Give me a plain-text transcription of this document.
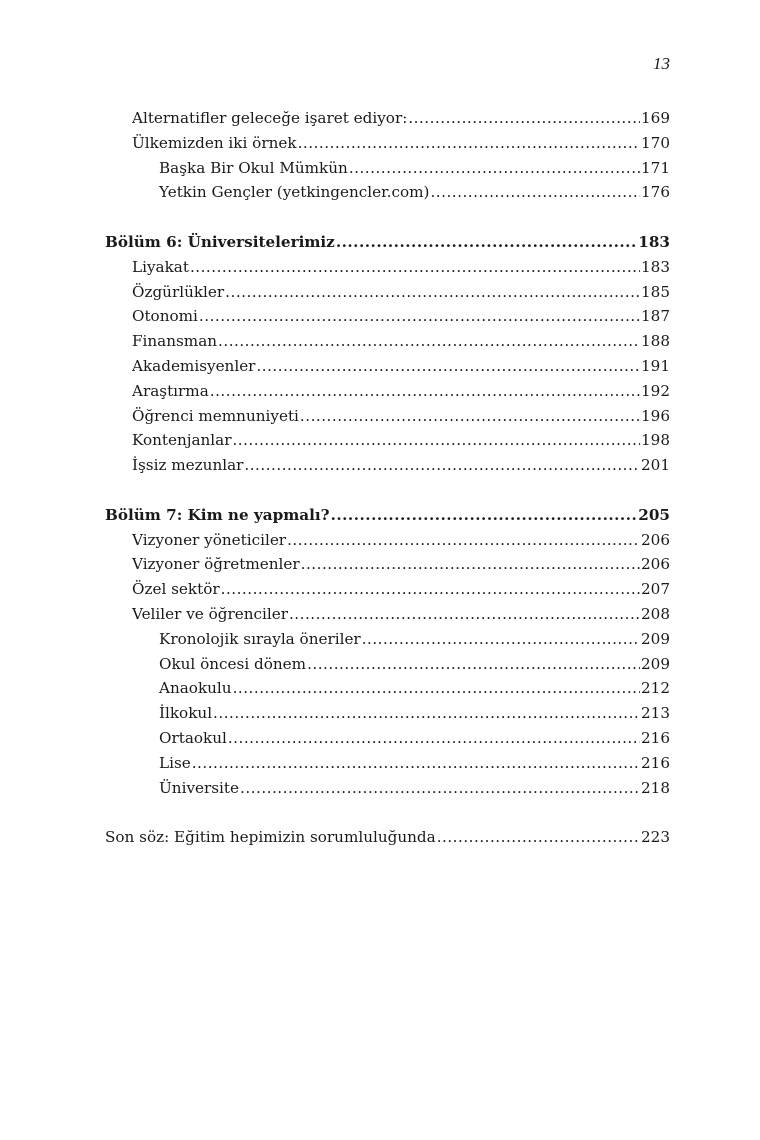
13
Alternatifler geleceğe işaret ediyor: .....	169
Ülkemizden iki örnek .....	170
Başka Bir Okul Mümkün .....	171
Yetkin Gençler (yetkingencler.com) .....	176
Bölüm 6: Üniversitelerimiz .....	183
Liyakat .....	183
Özgürlükler .....	185
Otonomi .....	187
Finansman .....	188
Akademisyenler .....	191
Araştırma .....	192
Öğrenci memnuniyeti .....	196
Kontenjanlar .....	198
İşsiz mezunlar .....	201
Bölüm 7: Kim ne yapmalı? .....	205
Vizyoner yöneticiler .....	206
Vizyoner öğretmenler .....	206
Özel sektör .....	207
Veliler ve öğrenciler .....	208
Kronolojik sırayla öneriler .....	209
Okul öncesi dönem .....	209
Anaokulu .....	212
İlkokul .....	213
Ortaokul .....	216
Lise .....	216
Üniversite .....	218
Son söz: Eğitim hepimizin sorumluluğunda .....	223
